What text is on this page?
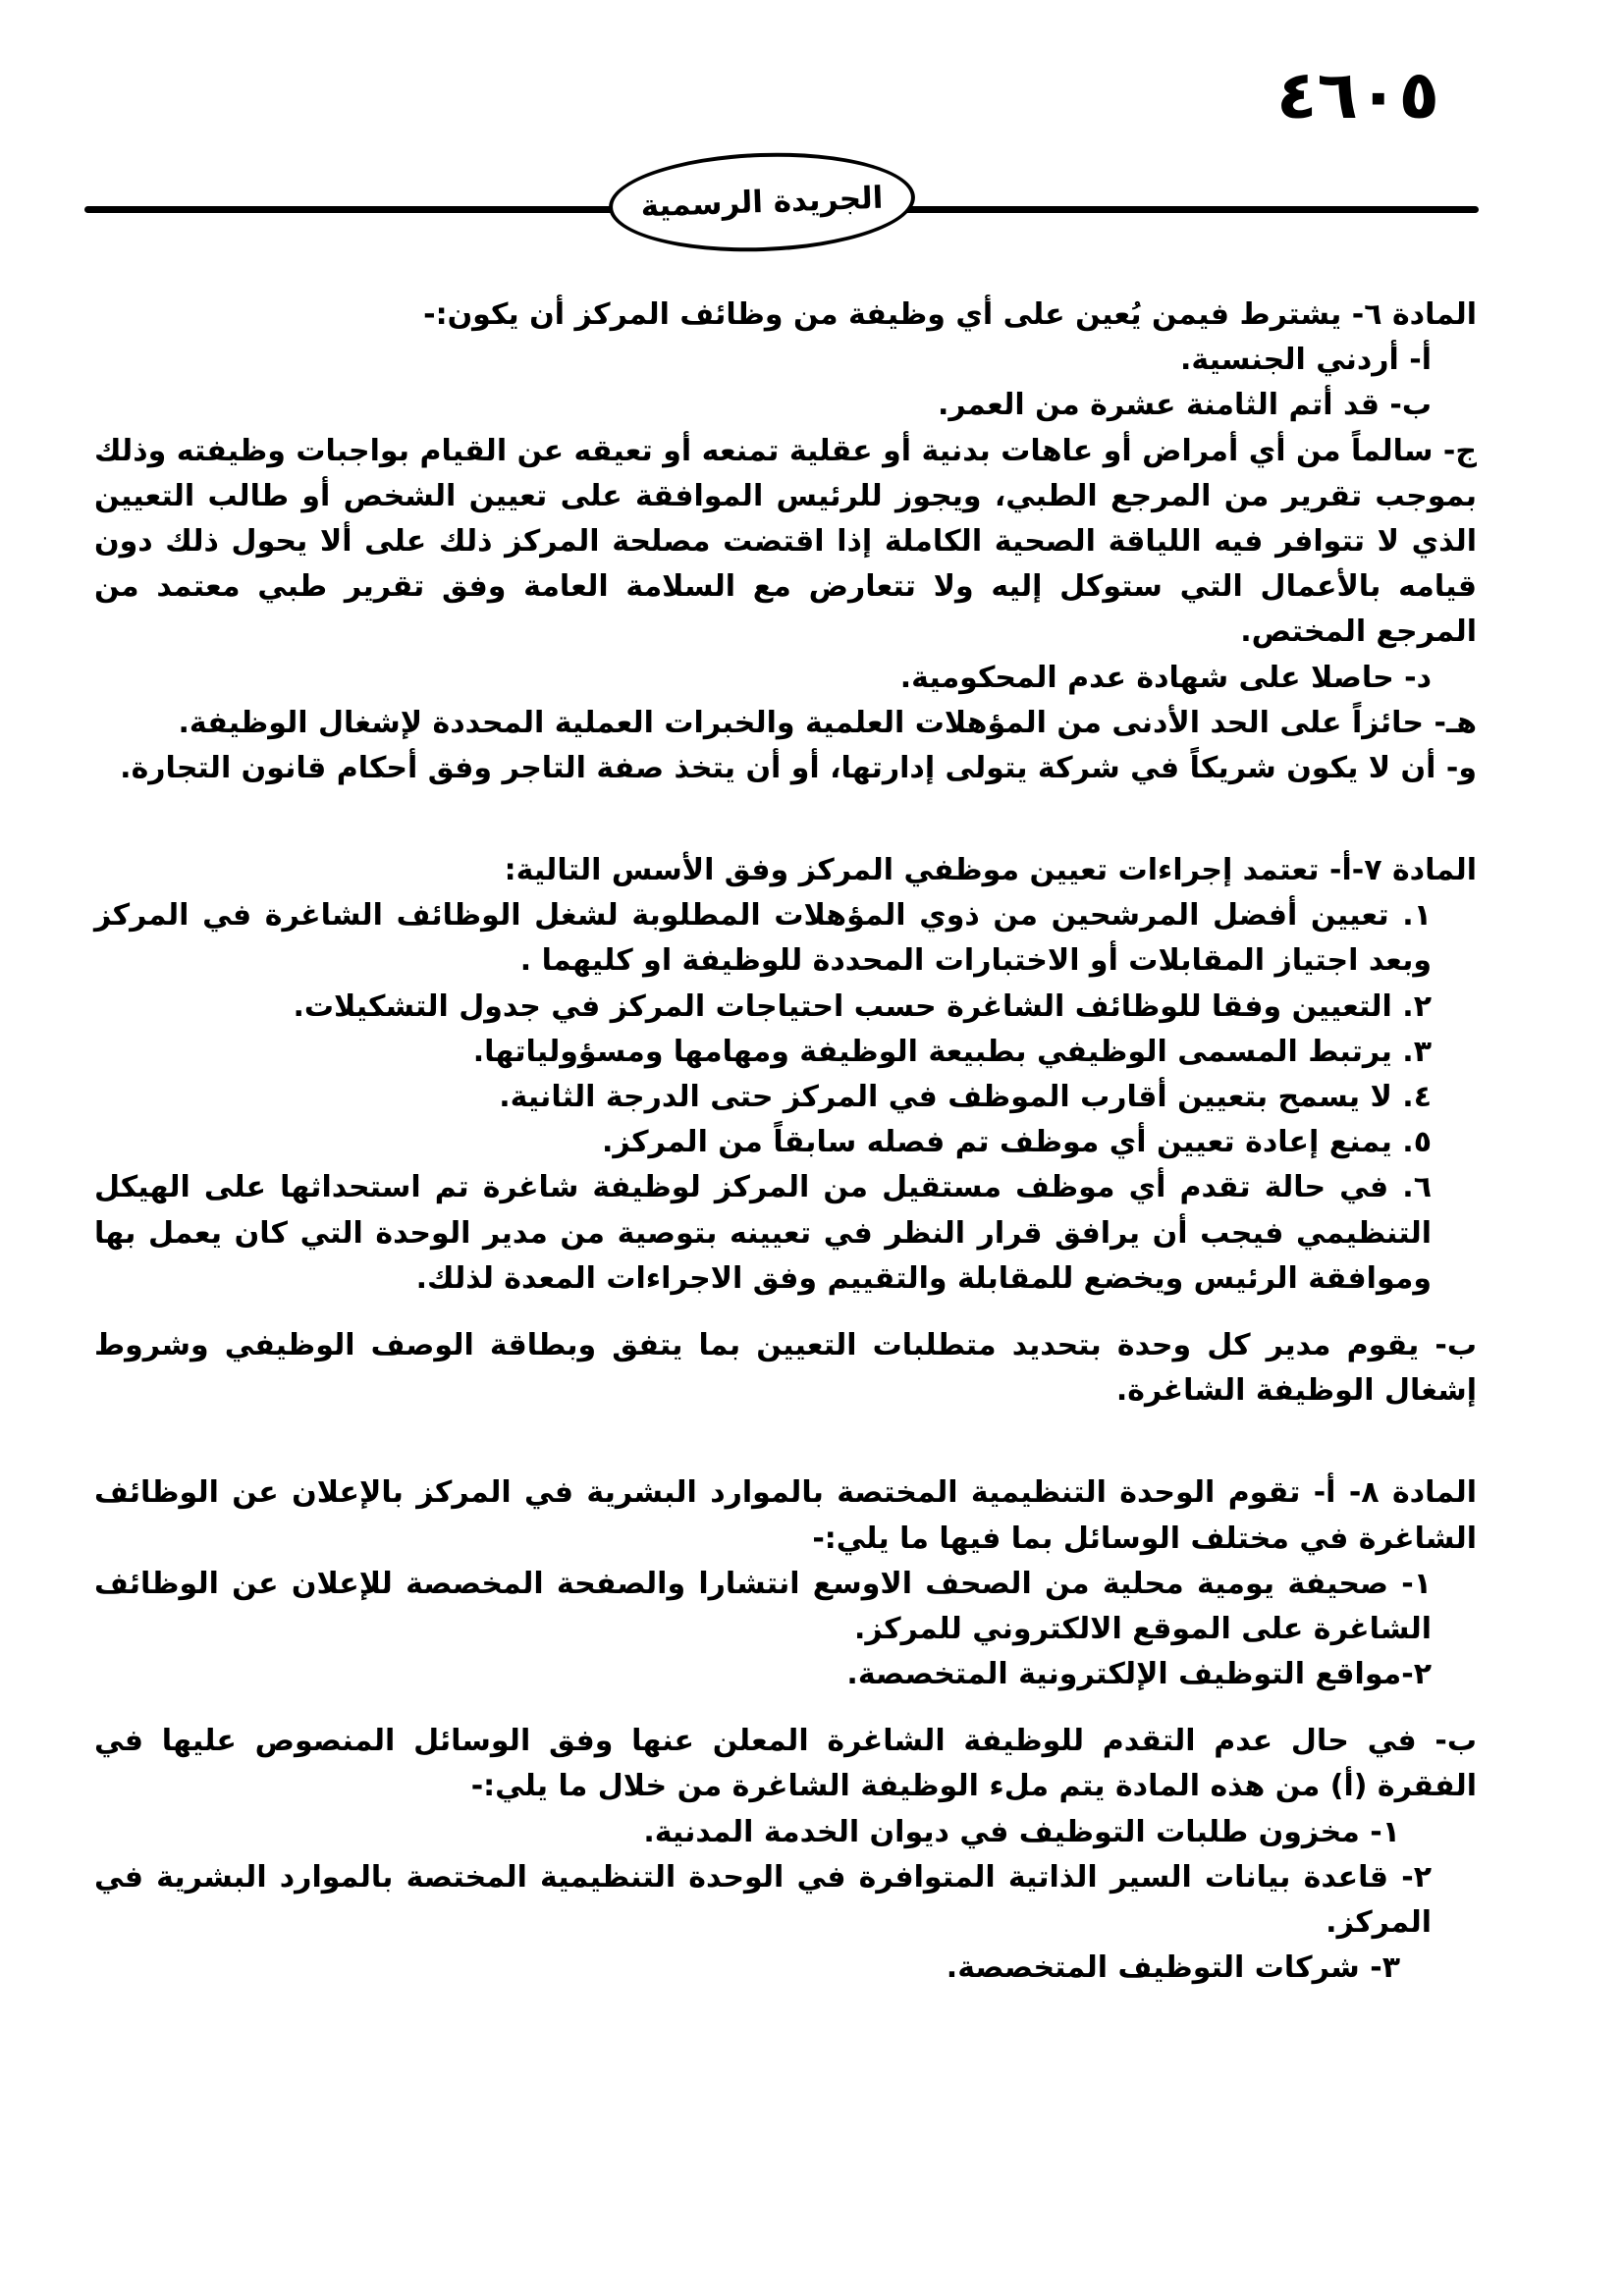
٤٦٠٥
الجريدة الرسمية

المادة ٦- يشترط فيمن يُعين على أي وظيفة من وظائف المركز أن يكون:-

أ- أردني الجنسية.

ب- قد أتم الثامنة عشرة من العمر.

ج- سالماً من أي أمراض أو عاهات بدنية أو عقلية تمنعه أو تعيقه عن القيام بواجبات وظيفته وذلك بموجب تقرير من المرجع الطبي، ويجوز للرئيس الموافقة على تعيين الشخص أو طالب التعيين الذي لا تتوافر فيه اللياقة الصحية الكاملة إذا اقتضت مصلحة المركز ذلك على ألا يحول ذلك دون قيامه بالأعمال التي ستوكل إليه ولا تتعارض مع السلامة العامة وفق تقرير طبي معتمد من المرجع المختص.

د- حاصلا على شهادة عدم المحكومية.

هـ- حائزاً على الحد الأدنى من المؤهلات العلمية والخبرات العملية المحددة لإشغال الوظيفة.

و- أن لا يكون شريكاً في شركة يتولى إدارتها، أو أن يتخذ صفة التاجر وفق أحكام قانون التجارة.

المادة ٧-أ- تعتمد إجراءات تعيين موظفي المركز وفق الأسس التالية:

١. تعيين أفضل المرشحين من ذوي المؤهلات المطلوبة لشغل الوظائف الشاغرة في المركز وبعد اجتياز المقابلات أو الاختبارات المحددة للوظيفة او كليهما .

٢. التعيين وفقا للوظائف الشاغرة حسب احتياجات المركز في جدول التشكيلات.

٣. يرتبط المسمى الوظيفي بطبيعة الوظيفة ومهامها ومسؤولياتها.

٤. لا يسمح بتعيين أقارب الموظف في المركز حتى الدرجة الثانية.

٥. يمنع إعادة تعيين أي موظف تم فصله سابقاً من المركز.

٦. في حالة تقدم أي موظف مستقيل من المركز لوظيفة شاغرة تم استحداثها على الهيكل التنظيمي فيجب أن يرافق قرار النظر في تعيينه بتوصية من مدير الوحدة التي كان يعمل بها وموافقة الرئيس ويخضع للمقابلة والتقييم وفق الاجراءات المعدة لذلك.

ب- يقوم مدير كل وحدة بتحديد متطلبات التعيين بما يتفق وبطاقة الوصف الوظيفي وشروط إشغال الوظيفة الشاغرة.

المادة ٨- أ- تقوم الوحدة التنظيمية المختصة بالموارد البشرية في المركز بالإعلان عن الوظائف الشاغرة في مختلف الوسائل بما فيها ما يلي:-

١- صحيفة يومية محلية من الصحف الاوسع انتشارا والصفحة المخصصة للإعلان عن الوظائف الشاغرة على الموقع الالكتروني للمركز.

٢-مواقع التوظيف الإلكترونية المتخصصة.

ب- في حال عدم التقدم للوظيفة الشاغرة المعلن عنها وفق الوسائل المنصوص عليها في الفقرة (أ) من هذه المادة يتم ملء الوظيفة الشاغرة من خلال ما يلي:-

١- مخزون طلبات التوظيف في ديوان الخدمة المدنية.

٢- قاعدة بيانات السير الذاتية المتوافرة في الوحدة التنظيمية المختصة بالموارد البشرية في المركز.

٣- شركات التوظيف المتخصصة.
